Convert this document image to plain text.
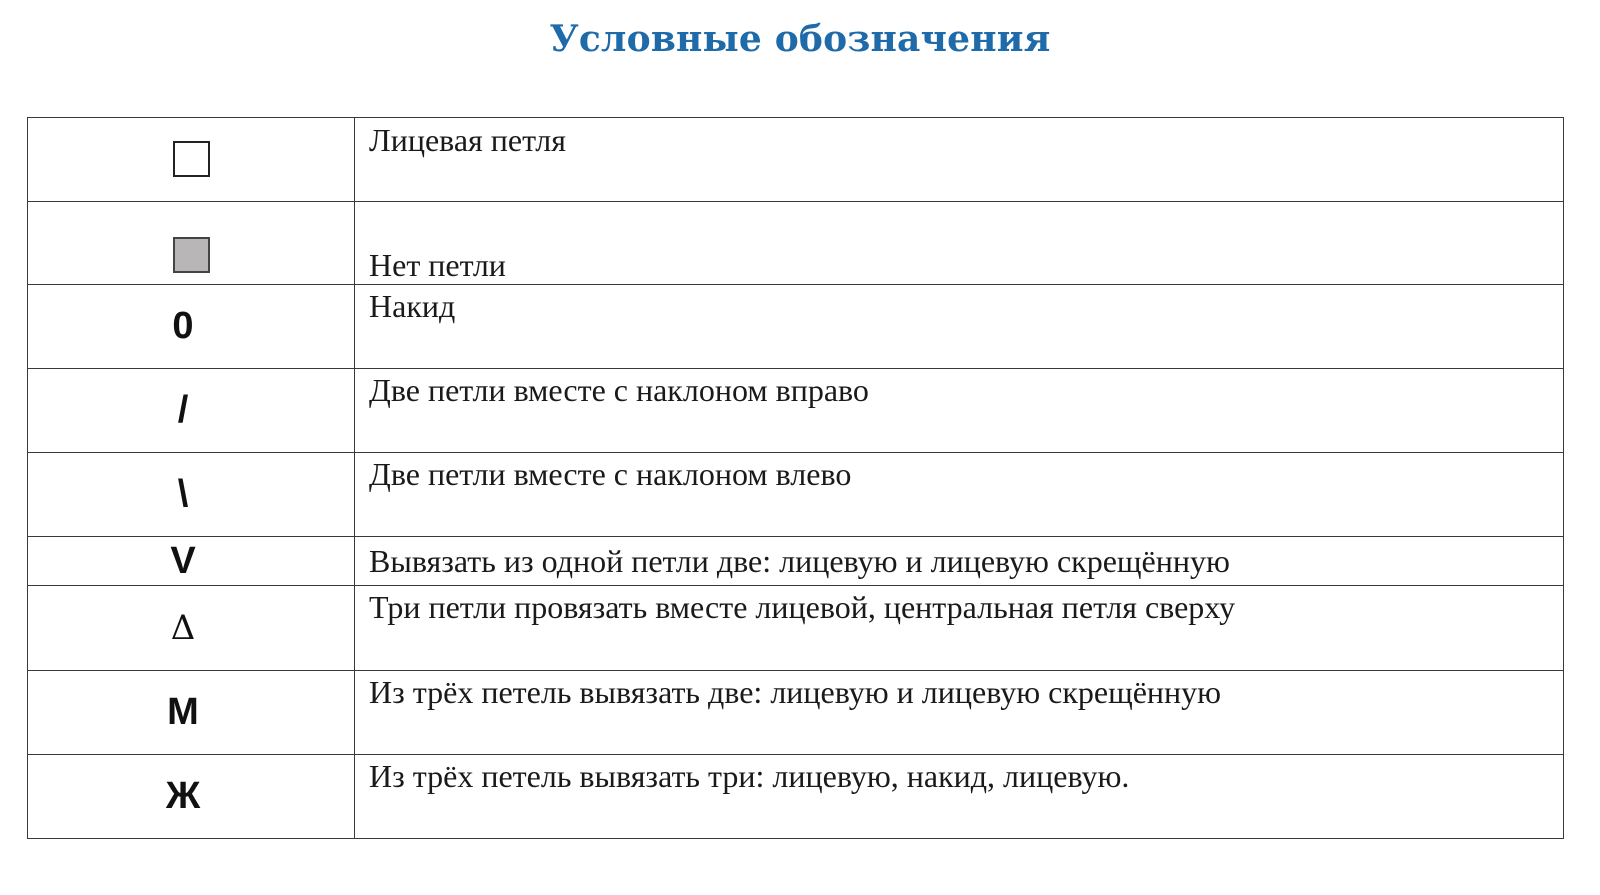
Условные обозначения
	Лицевая петля
	Нет петли
0	Накид
/	Две петли вместе с наклоном вправо
\	Две петли вместе с наклоном влево
V	Вывязать из одной петли две: лицевую и лицевую скрещённую
Δ	Три петли провязать вместе лицевой, центральная петля сверху
М	Из трёх петель вывязать две: лицевую и лицевую скрещённую
Ж	Из трёх петель вывязать три: лицевую, накид, лицевую.
